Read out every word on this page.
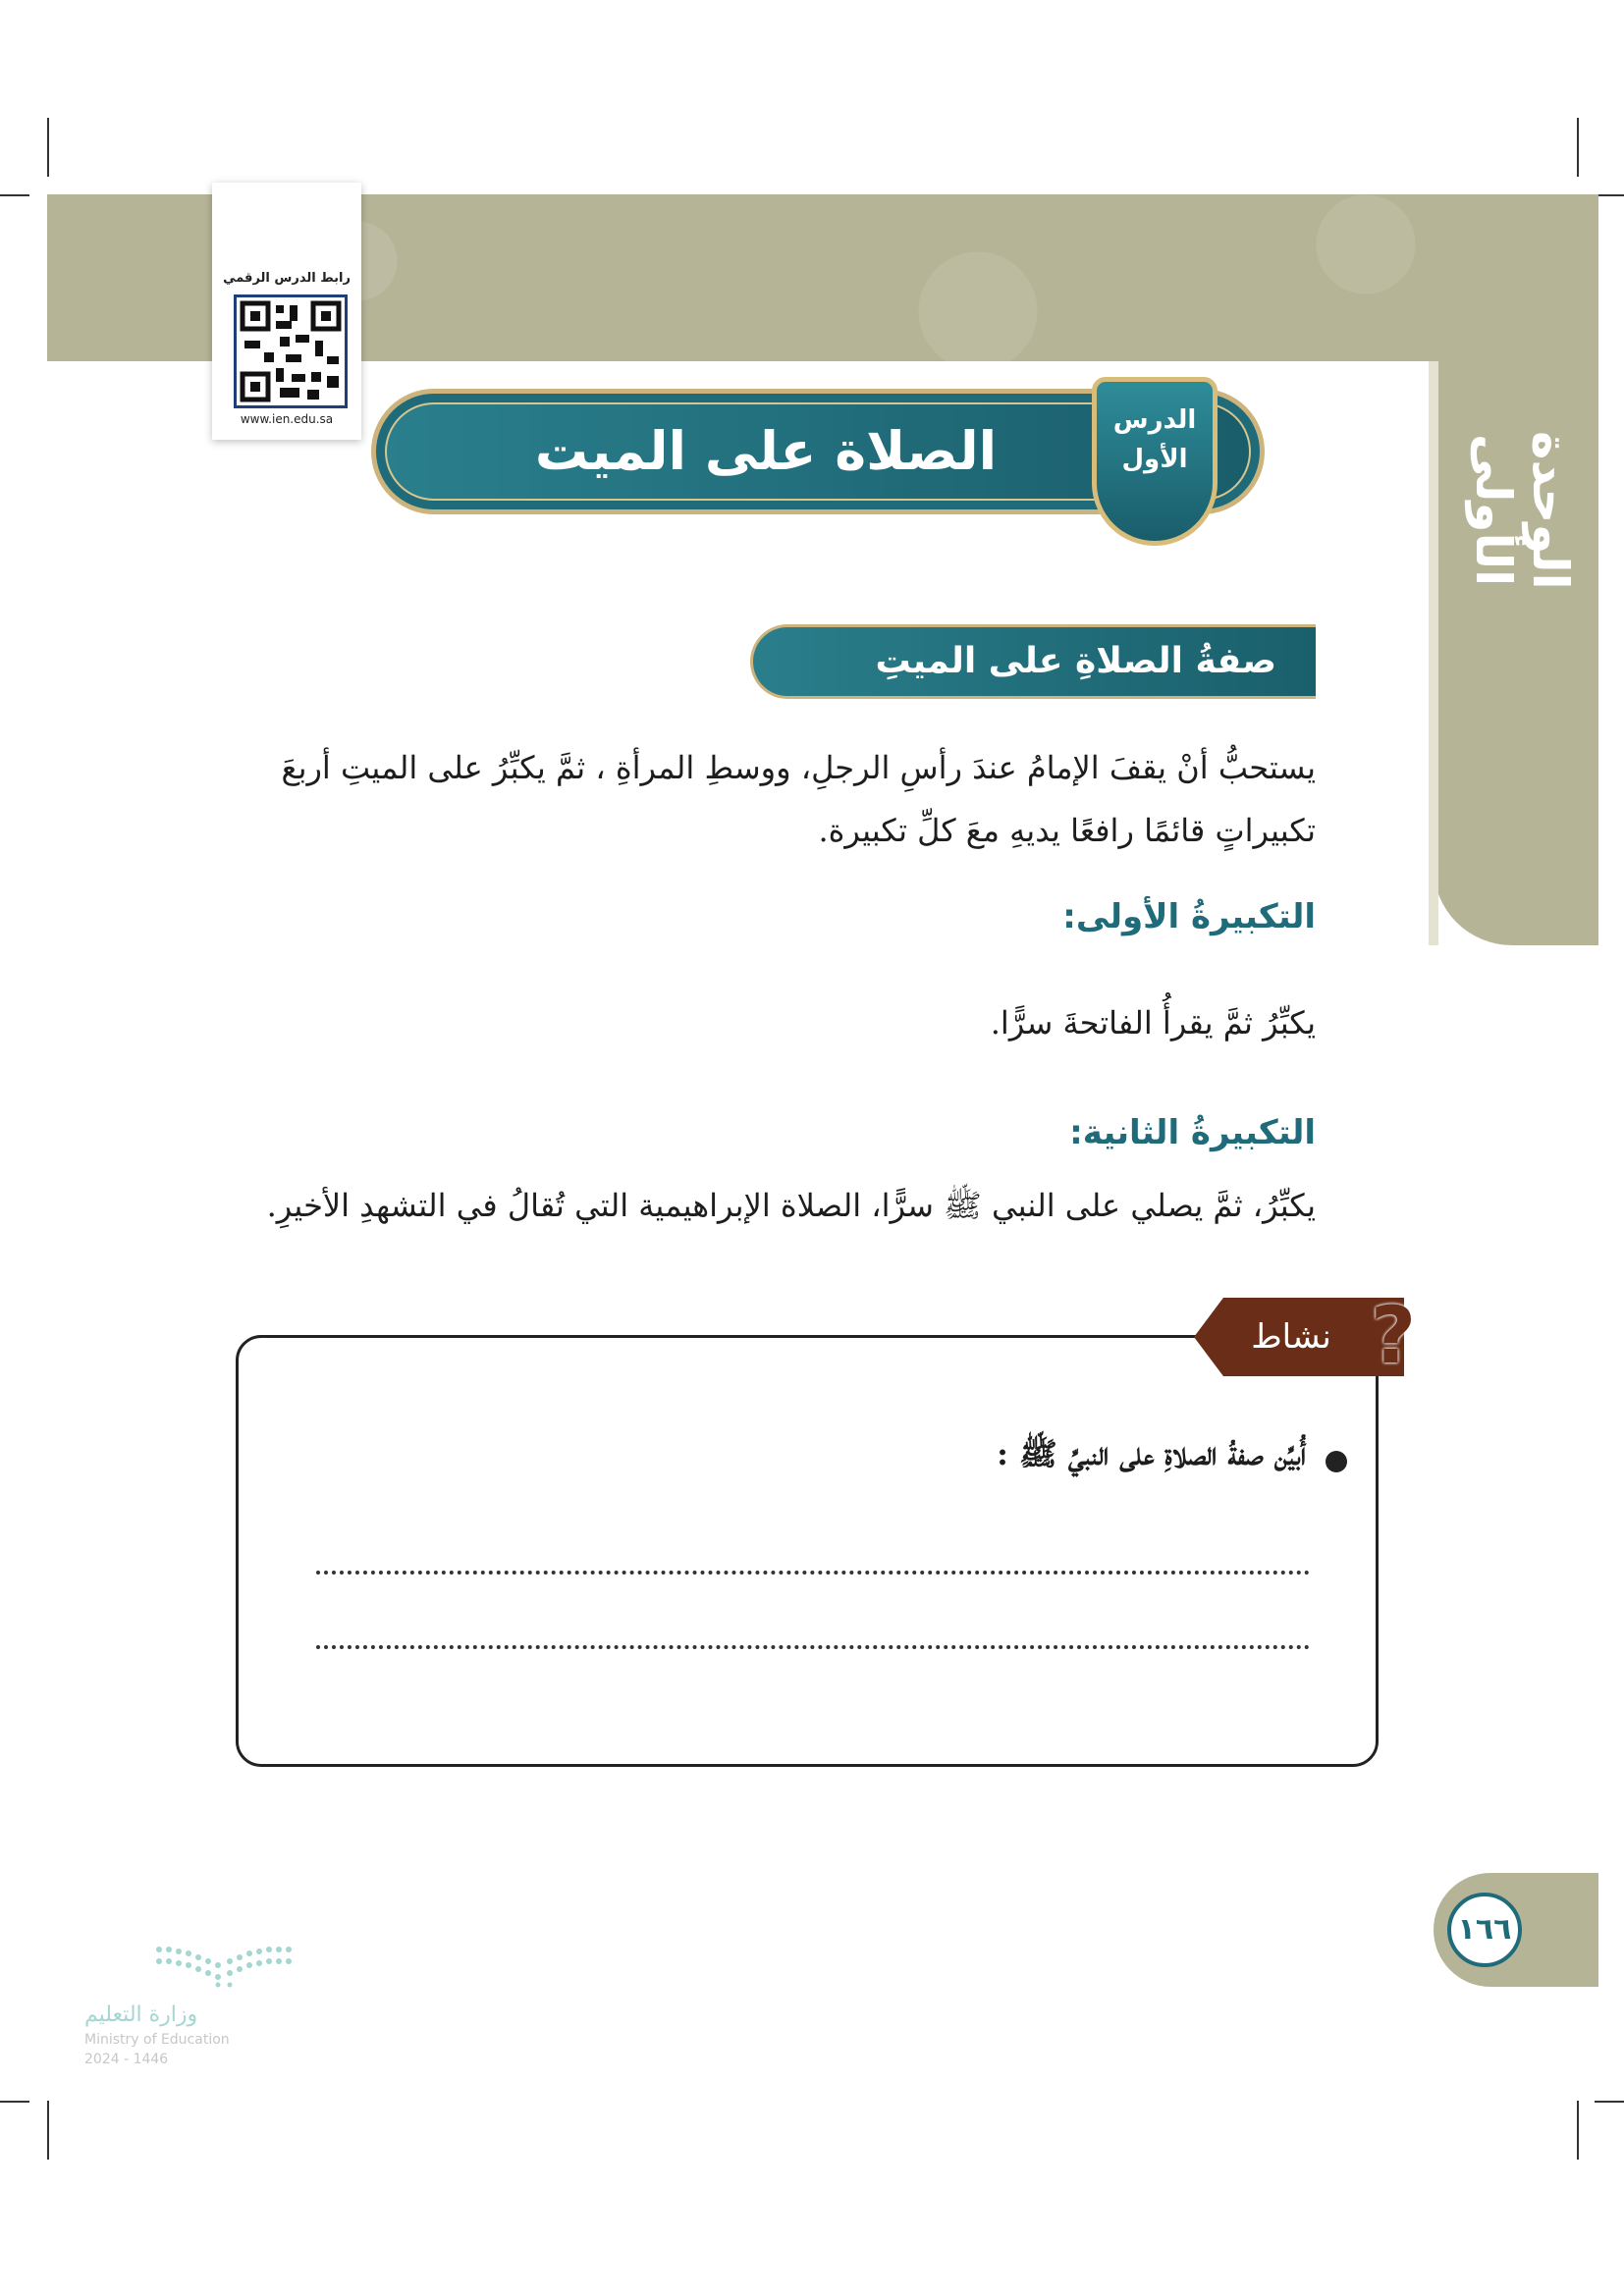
الوحدة الأولى
رابط الدرس الرقمي
www.ien.edu.sa
الصلاة على الميت	الدرس
الأول
صفةُ الصلاةِ على الميتِ
يستحبُّ أنْ يقفَ الإمامُ عندَ رأسِ الرجلِ، ووسطِ المرأةِ ، ثمَّ يكبِّرُ على الميتِ أربعَ تكبيراتٍ قائمًا رافعًا يديهِ معَ كلِّ تكبيرة.
التكبيرةُ الأولى:
يكبِّرُ ثمَّ يقرأُ الفاتحةَ سرًّا.
التكبيرةُ الثانية:
يكبِّرُ، ثمَّ يصلي على النبي ﷺ سرًّا، الصلاة الإبراهيمية التي تُقالُ في التشهدِ الأخيرِ.
نشاط ?
أُبيِّن صفةُ الصلاةِ على النبيِّ ﷺ :
١٦٦
وزارة التعليم
Ministry of Education
2024 - 1446
